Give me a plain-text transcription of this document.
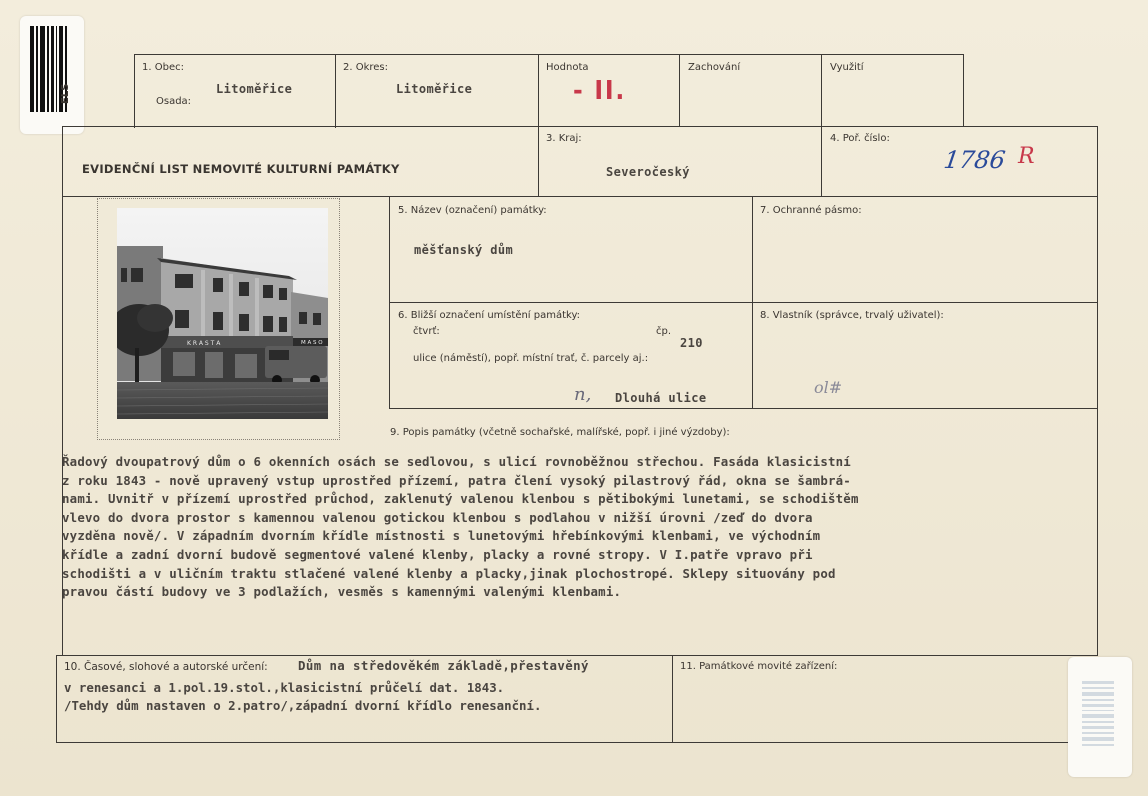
ELS
1. Obec:
Osada:
Litoměřice
2. Okres:
Litoměřice
Hodnota
- II.
Zachování	Využití
EVIDENČNÍ LIST NEMOVITÉ KULTURNÍ PAMÁTKY
3. Kraj:
Severočeský
4. Poř. číslo:
1786 R
K R A S T A	M A S O
5. Název (označení) památky:
měšťanský dům
7. Ochranné pásmo:
6. Bližší označení umístění památky:
čtvrť:	čp.
210
ulice (náměstí), popř. místní trať, č. parcely aj.:
n, Dlouhá ulice
8. Vlastník (správce, trvalý uživatel):
ol#
9. Popis památky (včetně sochařské, malířské, popř. i jiné výzdoby):
Řadový dvoupatrový dům o 6 okenních osách se sedlovou, s ulicí rovnoběžnou střechou. Fasáda klasicistní
z roku 1843 - nově upravený vstup uprostřed přízemí, patra člení vysoký pilastrový řád, okna se šambrá-
nami. Uvnitř v přízemí uprostřed průchod, zaklenutý valenou klenbou s pětibokými lunetami, se schodištěm
vlevo do dvora prostor s kamennou valenou gotickou klenbou s podlahou v nižší úrovni /zeď do dvora
vyzděna nově/. V západním dvorním křídle místnosti s lunetovými hřebínkovými klenbami, ve východním
křídle a zadní dvorní budově segmentové valené klenby, placky a rovné stropy. V I.patře vpravo při
schodišti a v uličním traktu stlačené valené klenby a placky,jinak plochostropé. Sklepy situovány pod
pravou částí budovy ve 3 podlažích, vesměs s kamennými valenými klenbami.
10. Časové, slohové a autorské určení: Dům na středověkém základě,přestavěný
v renesanci a 1.pol.19.stol.,klasicistní průčelí dat. 1843.
/Tehdy dům nastaven o 2.patro/,západní dvorní křídlo renesanční.
11. Památkové movité zařízení:
